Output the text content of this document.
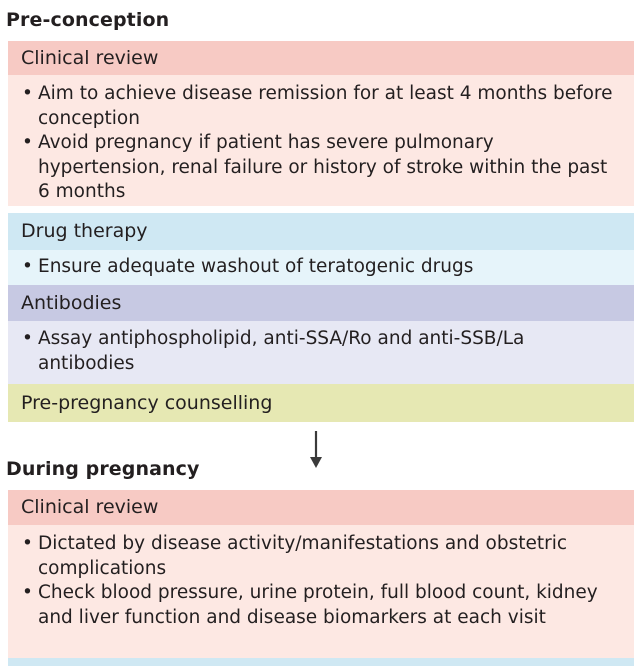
Pre-conception
Clinical review
• Aim to achieve disease remission for at least 4 months before conception
• Avoid pregnancy if patient has severe pulmonary hypertension, renal failure or history of stroke within the past 6 months
Drug therapy
• Ensure adequate washout of teratogenic drugs
Antibodies
• Assay antiphospholipid, anti-SSA/Ro and anti-SSB/La antibodies
Pre-pregnancy counselling
During pregnancy
Clinical review
• Dictated by disease activity/manifestations and obstetric complications
• Check blood pressure, urine protein, full blood count, kidney and liver function and disease biomarkers at each visit
